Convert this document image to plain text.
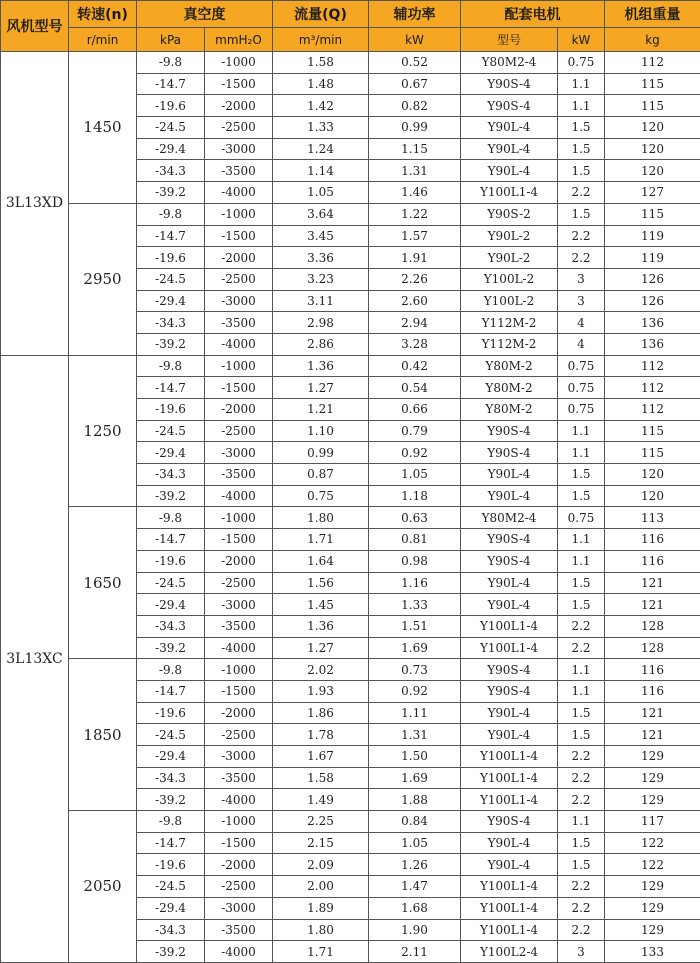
风机型号	转速(n)	真空度		流量(Q)	辅功率	配套电机		机组重量
	r/min	kPa	mmH₂O	m³/min	kW	型号	kW	kg
3L13XD	1450	-9.8	-1000	1.58	0.52	Y80M2-4	0.75	112
		-14.7	-1500	1.48	0.67	Y90S-4	1.1	115
		-19.6	-2000	1.42	0.82	Y90S-4	1.1	115
		-24.5	-2500	1.33	0.99	Y90L-4	1.5	120
		-29.4	-3000	1.24	1.15	Y90L-4	1.5	120
		-34.3	-3500	1.14	1.31	Y90L-4	1.5	120
		-39.2	-4000	1.05	1.46	Y100L1-4	2.2	127
	2950	-9.8	-1000	3.64	1.22	Y90S-2	1.5	115
		-14.7	-1500	3.45	1.57	Y90L-2	2.2	119
		-19.6	-2000	3.36	1.91	Y90L-2	2.2	119
		-24.5	-2500	3.23	2.26	Y100L-2	3	126
		-29.4	-3000	3.11	2.60	Y100L-2	3	126
		-34.3	-3500	2.98	2.94	Y112M-2	4	136
		-39.2	-4000	2.86	3.28	Y112M-2	4	136
3L13XC	1250	-9.8	-1000	1.36	0.42	Y80M-2	0.75	112
		-14.7	-1500	1.27	0.54	Y80M-2	0.75	112
		-19.6	-2000	1.21	0.66	Y80M-2	0.75	112
		-24.5	-2500	1.10	0.79	Y90S-4	1.1	115
		-29.4	-3000	0.99	0.92	Y90S-4	1.1	115
		-34.3	-3500	0.87	1.05	Y90L-4	1.5	120
		-39.2	-4000	0.75	1.18	Y90L-4	1.5	120
	1650	-9.8	-1000	1.80	0.63	Y80M2-4	0.75	113
		-14.7	-1500	1.71	0.81	Y90S-4	1.1	116
		-19.6	-2000	1.64	0.98	Y90S-4	1.1	116
		-24.5	-2500	1.56	1.16	Y90L-4	1.5	121
		-29.4	-3000	1.45	1.33	Y90L-4	1.5	121
		-34.3	-3500	1.36	1.51	Y100L1-4	2.2	128
		-39.2	-4000	1.27	1.69	Y100L1-4	2.2	128
	1850	-9.8	-1000	2.02	0.73	Y90S-4	1.1	116
		-14.7	-1500	1.93	0.92	Y90S-4	1.1	116
		-19.6	-2000	1.86	1.11	Y90L-4	1.5	121
		-24.5	-2500	1.78	1.31	Y90L-4	1.5	121
		-29.4	-3000	1.67	1.50	Y100L1-4	2.2	129
		-34.3	-3500	1.58	1.69	Y100L1-4	2.2	129
		-39.2	-4000	1.49	1.88	Y100L1-4	2.2	129
	2050	-9.8	-1000	2.25	0.84	Y90S-4	1.1	117
		-14.7	-1500	2.15	1.05	Y90L-4	1.5	122
		-19.6	-2000	2.09	1.26	Y90L-4	1.5	122
		-24.5	-2500	2.00	1.47	Y100L1-4	2.2	129
		-29.4	-3000	1.89	1.68	Y100L1-4	2.2	129
		-34.3	-3500	1.80	1.90	Y100L1-4	2.2	129
		-39.2	-4000	1.71	2.11	Y100L2-4	3	133
